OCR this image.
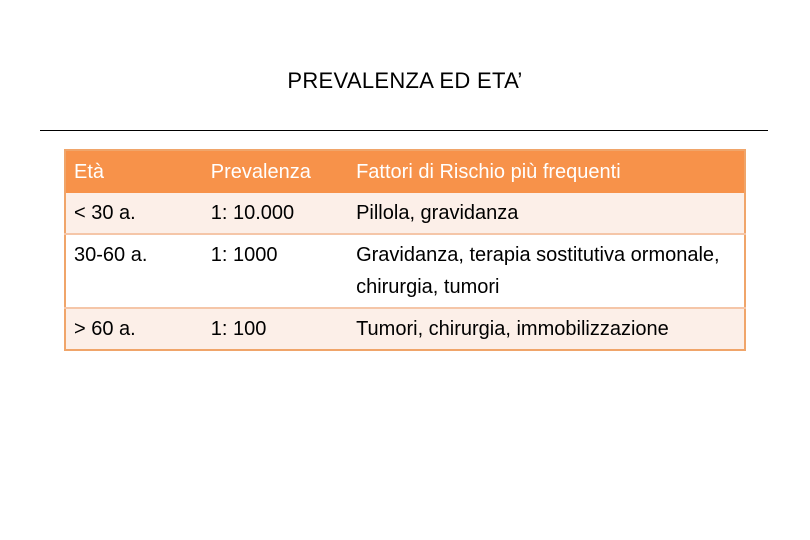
PREVALENZA ED ETA’
Età	Prevalenza	Fattori di Rischio più frequenti
< 30 a.	1: 10.000	Pillola, gravidanza
30-60 a.	1: 1000	Gravidanza, terapia sostitutiva ormonale, chirurgia, tumori
> 60 a.	1: 100	Tumori, chirurgia, immobilizzazione
